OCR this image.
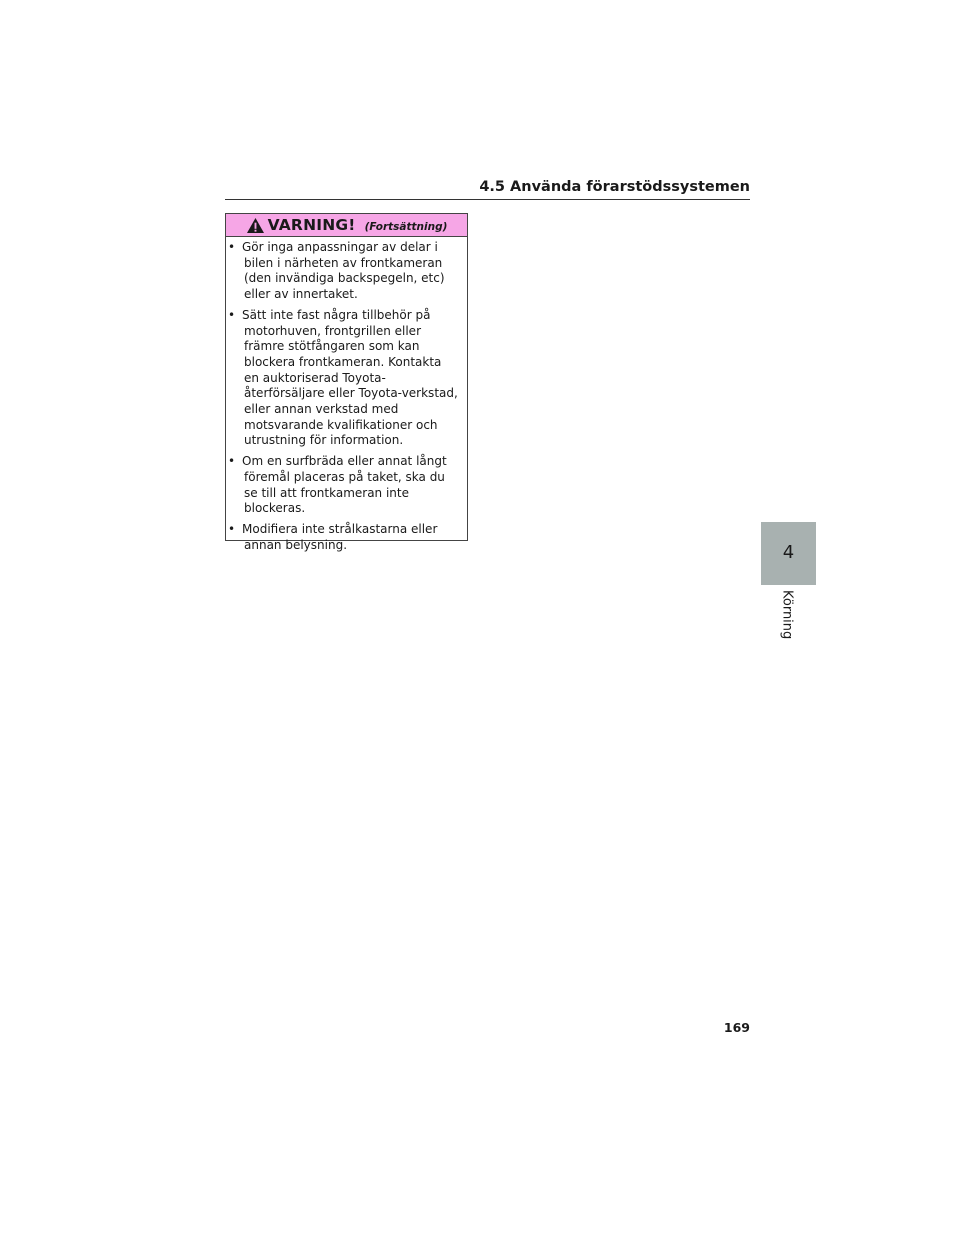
4.5 Använda förarstödssystemen
VARNING! (Fortsättning)
• Gör inga anpassningar av delar i bilen i närheten av frontkameran (den invändiga backspegeln, etc) eller av innertaket.
• Sätt inte fast några tillbehör på motorhuven, frontgrillen eller främre stötfångaren som kan blockera frontkameran. Kontakta en auktoriserad Toyota-återförsäljare eller Toyota-verkstad, eller annan verkstad med motsvarande kvalifikationer och utrustning för information.
• Om en surfbräda eller annat långt föremål placeras på taket, ska du se till att frontkameran inte blockeras.
• Modifiera inte strålkastarna eller annan belysning.	4
Körning
169
